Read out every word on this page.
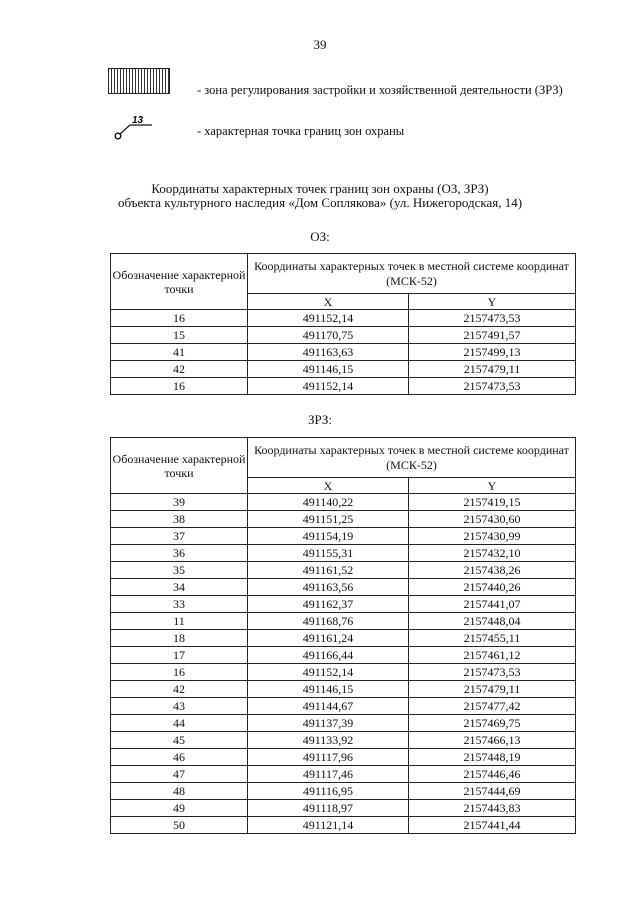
39
- зона регулирования застройки и хозяйственной деятельности (ЗРЗ)
13
- характерная точка границ зон охраны
Координаты характерных точек границ зон охраны (ОЗ, ЗРЗ)
объекта культурного наследия «Дом Соплякова» (ул. Нижегородская, 14)
ОЗ:
Обозначение характерной точки	Координаты характерных точек в местной системе координат (МСК-52)	
	X	Y
16	491152,14	2157473,53
15	491170,75	2157491,57
41	491163,63	2157499,13
42	491146,15	2157479,11
16	491152,14	2157473,53
ЗРЗ:
Обозначение характерной точки	Координаты характерных точек в местной системе координат (МСК-52)	
	X	Y
39	491140,22	2157419,15
38	491151,25	2157430,60
37	491154,19	2157430,99
36	491155,31	2157432,10
35	491161,52	2157438,26
34	491163,56	2157440,26
33	491162,37	2157441,07
11	491168,76	2157448,04
18	491161,24	2157455,11
17	491166,44	2157461,12
16	491152,14	2157473,53
42	491146,15	2157479,11
43	491144,67	2157477,42
44	491137,39	2157469,75
45	491133,92	2157466,13
46	491117,96	2157448,19
47	491117,46	2157446,46
48	491116,95	2157444,69
49	491118,97	2157443,83
50	491121,14	2157441,44
